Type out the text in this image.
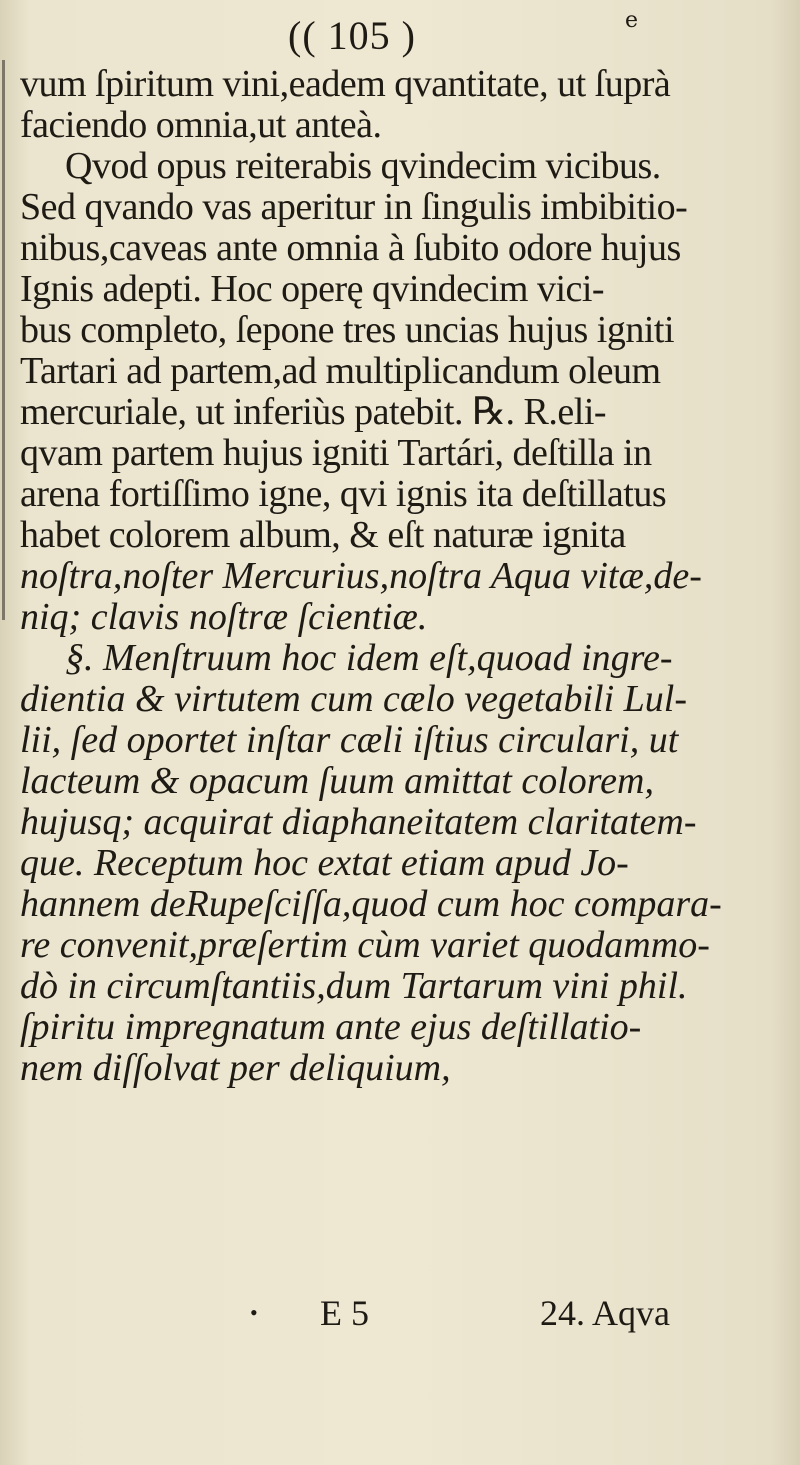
(( 105 )	e
vum ſpiritum vini,eadem qvantitate, ut ſuprà
faciendo omnia,ut anteà.
Qvod opus reiterabis qvindecim vicibus.
Sed qvando vas aperitur in ſingulis imbibitio-
nibus,caveas ante omnia à ſubito odore hujus
Ignis adepti. Hoc operę qvindecim vici-
bus completo, ſepone tres uncias hujus igniti
Tartari ad partem,ad multiplicandum oleum
mercuriale, ut inferiùs patebit. ℞. R.eli-
qvam partem hujus igniti Tartári, deſtilla in
arena fortiſſimo igne, qvi ignis ita deſtillatus
habet colorem album, & eſt naturæ ignita
noſtra,noſter Mercurius,noſtra Aqua vitæ,de-
niq; clavis noſtræ ſcientiæ.
§. Menſtruum hoc idem eſt,quoad ingre-
dientia & virtutem cum cælo vegetabili Lul-
lii, ſed oportet inſtar cæli iſtius circulari, ut
lacteum & opacum ſuum amittat colorem,
hujusq; acquirat diaphaneitatem claritatem-
que. Receptum hoc extat etiam apud Jo-
hannem deRupeſciſſa,quod cum hoc compara-
re convenit,præſertim cùm variet quodammo-
dò in circumſtantiis,dum Tartarum vini phil.
ſpiritu impregnatum ante ejus deſtillatio-
nem diſſolvat per deliquium,
• E 5	24. Aqva
